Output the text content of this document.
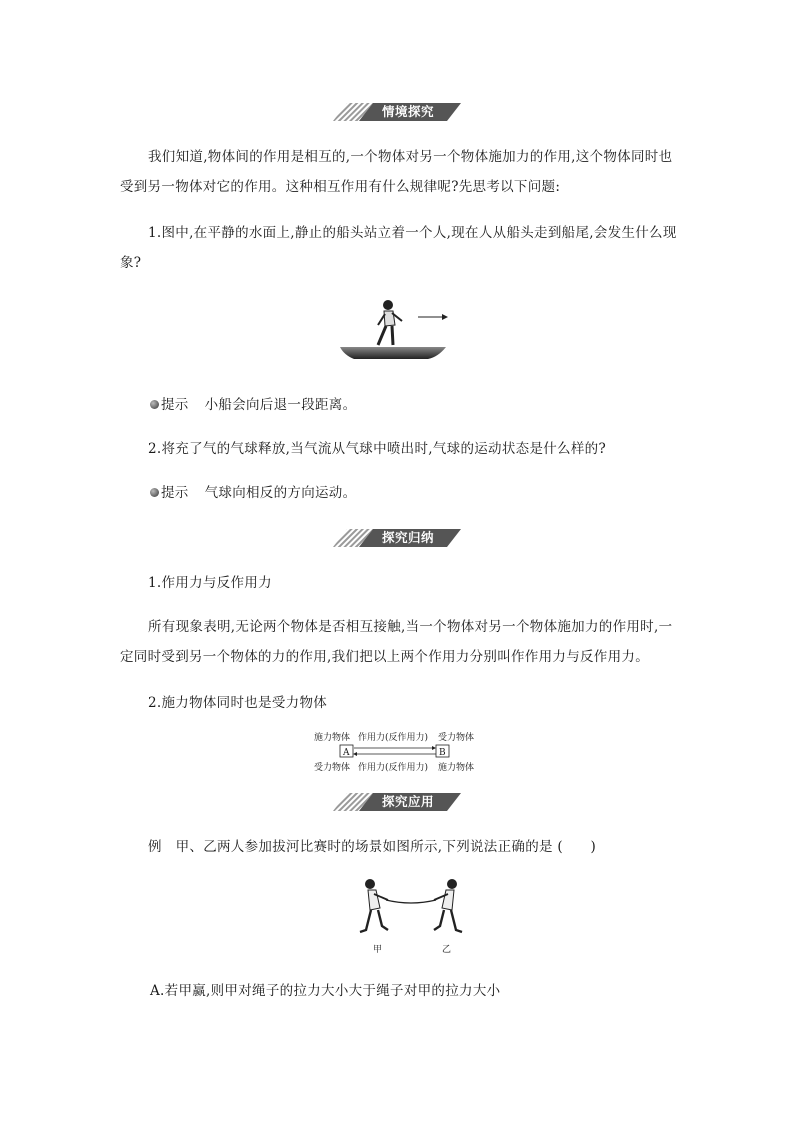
情境探究

我们知道,物体间的作用是相互的,一个物体对另一个物体施加力的作用,这个物体同时也受到另一物体对它的作用。这种相互作用有什么规律呢?先思考以下问题:

1.图中,在平静的水面上,静止的船头站立着一个人,现在人从船头走到船尾,会发生什么现象?

提示 小船会向后退一段距离。

2.将充了气的气球释放,当气流从气球中喷出时,气球的运动状态是什么样的?

提示 气球向相反的方向运动。

探究归纳

1.作用力与反作用力

所有现象表明,无论两个物体是否相互接触,当一个物体对另一个物体施加力的作用时,一定同时受到另一个物体的力的作用,我们把以上两个作用力分别叫作作用力与反作用力。

2.施力物体同时也是受力物体

施力物体
受力物体
作用力(反作用力)
作用力(反作用力)
受力物体
施力物体
A	B
探究应用

例　甲、乙两人参加拔河比赛时的场景如图所示,下列说法正确的是 (　　)

甲	乙

A.若甲赢,则甲对绳子的拉力大小大于绳子对甲的拉力大小
